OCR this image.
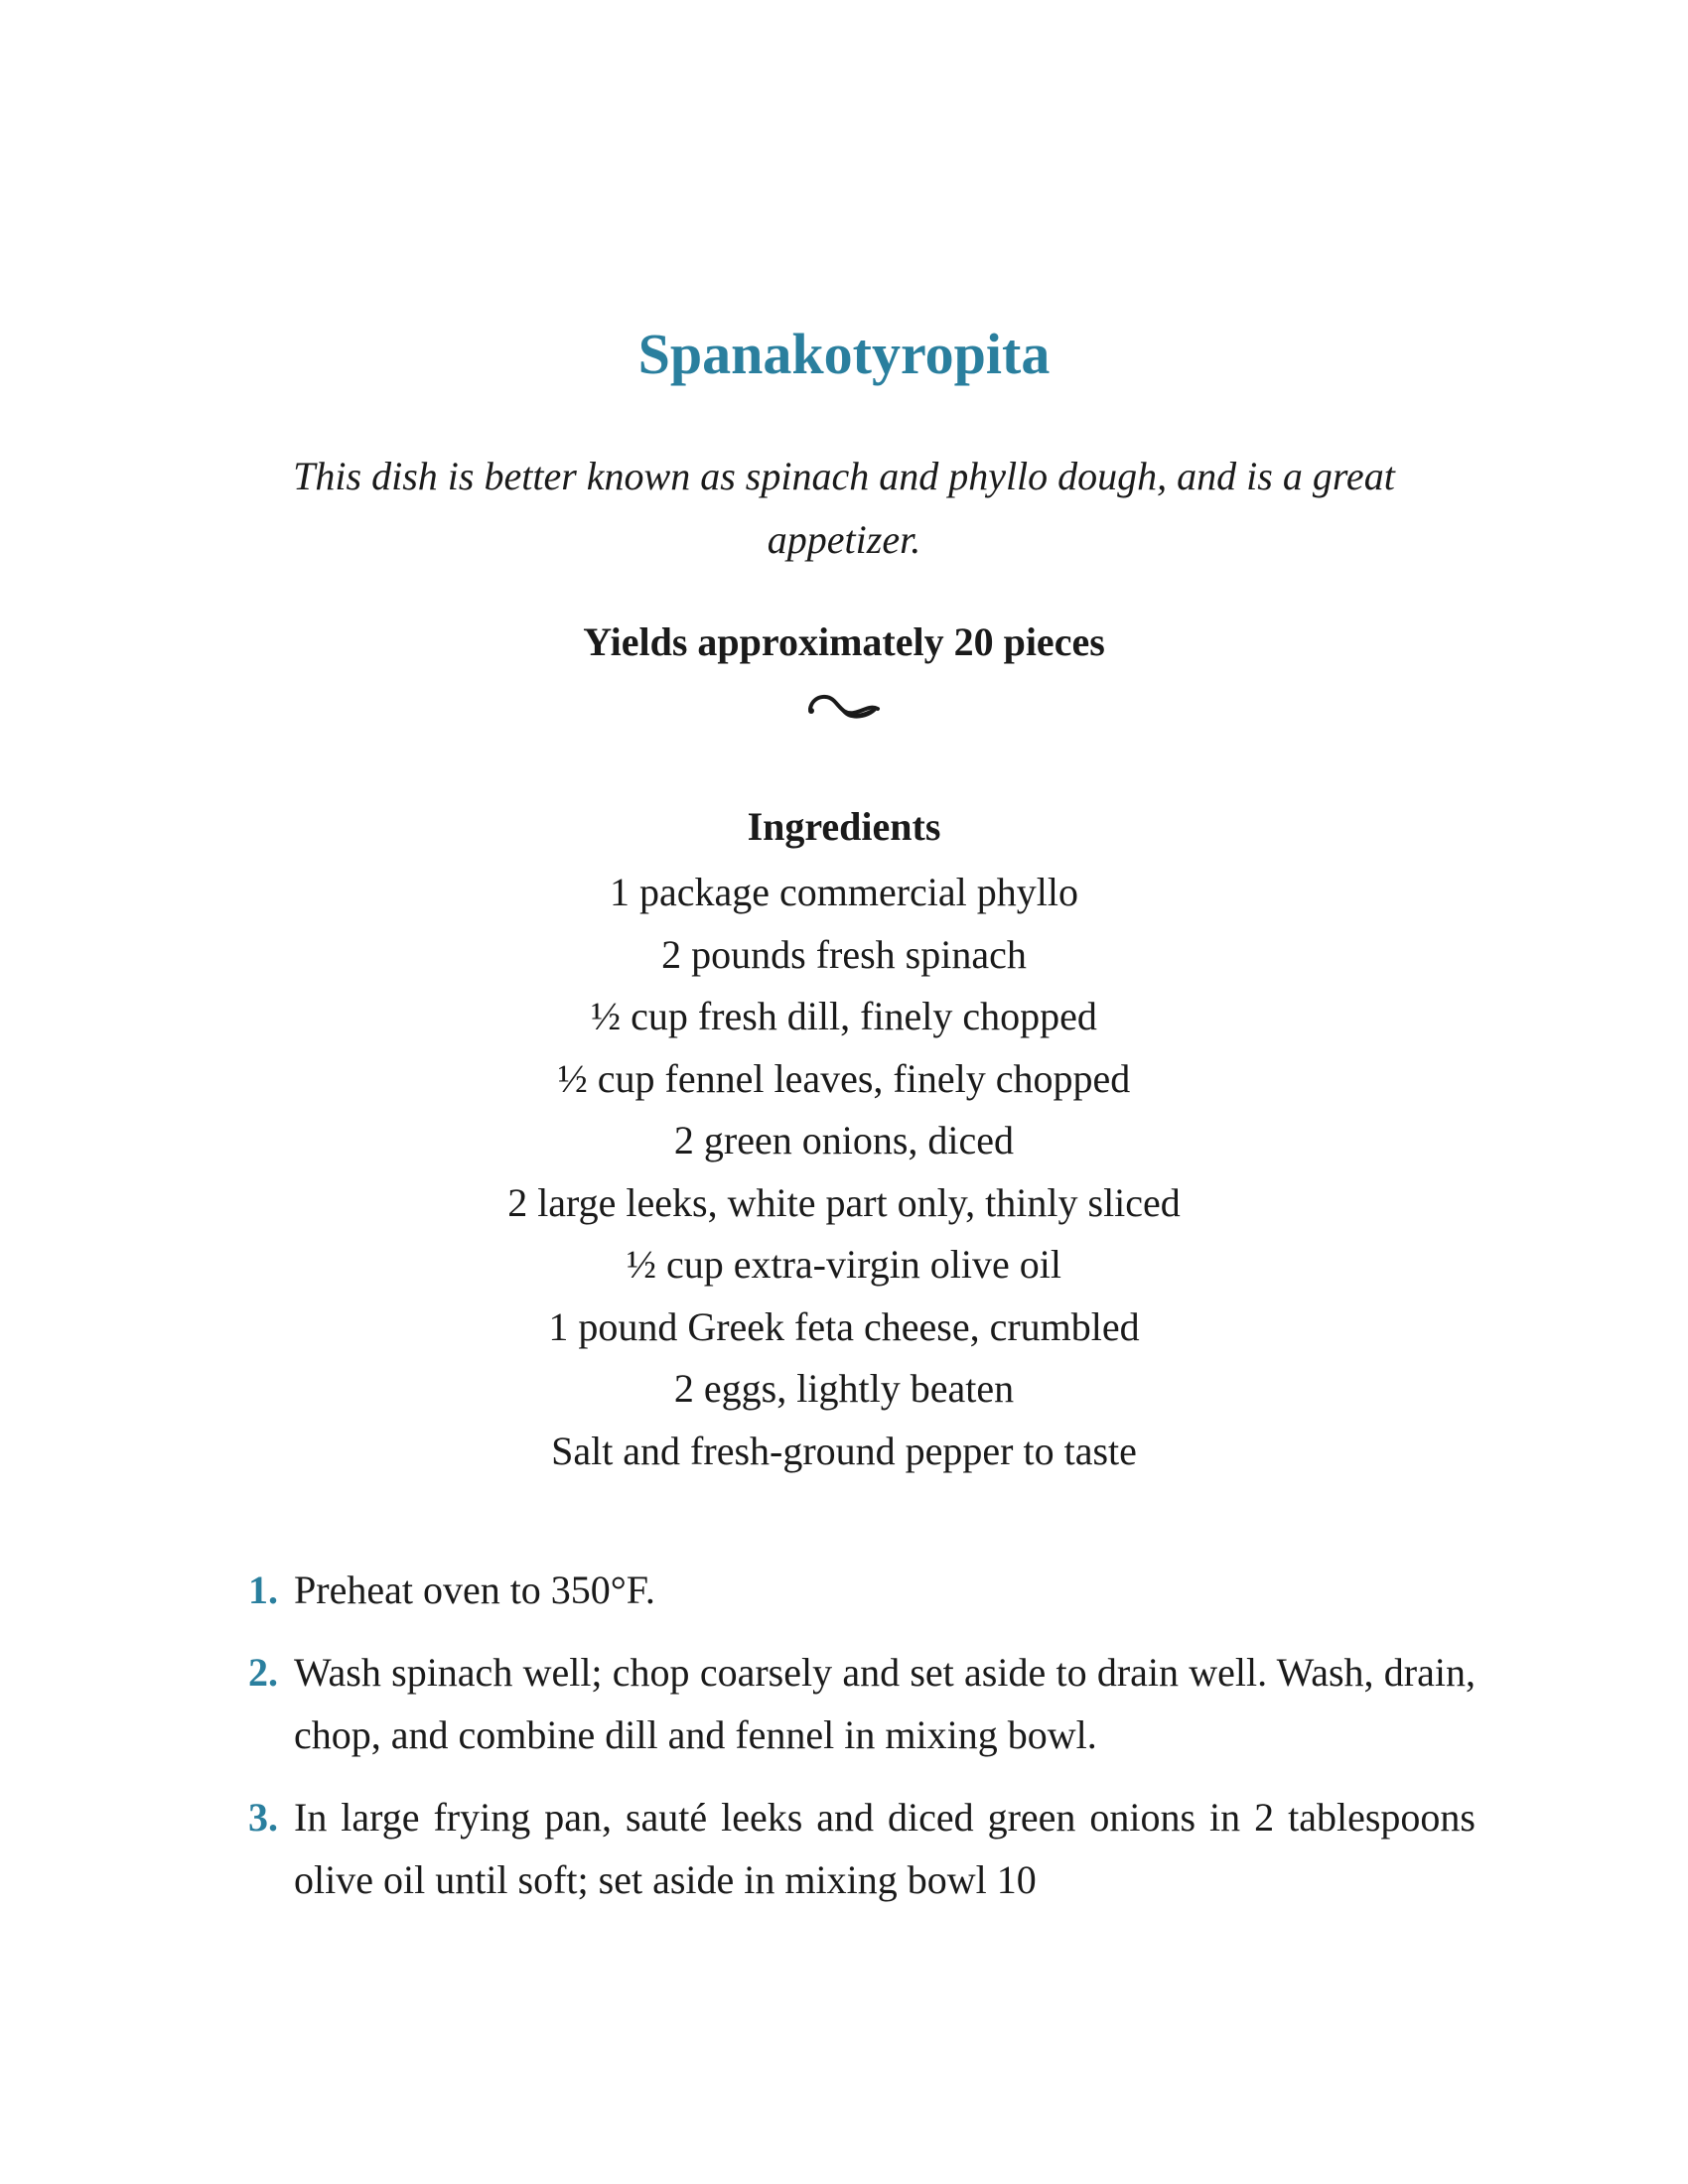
Spanakotyropita

This dish is better known as spinach and phyllo dough, and is a great appetizer.

Yields approximately 20 pieces
Ingredients
1 package commercial phyllo
2 pounds fresh spinach
½ cup fresh dill, finely chopped
½ cup fennel leaves, finely chopped
2 green onions, diced
2 large leeks, white part only, thinly sliced
½ cup extra-virgin olive oil
1 pound Greek feta cheese, crumbled
2 eggs, lightly beaten
Salt and fresh-ground pepper to taste
1. Preheat oven to 350°F.
2. Wash spinach well; chop coarsely and set aside to drain well. Wash, drain, chop, and combine dill and fennel in mixing bowl.
3. In large frying pan, sauté leeks and diced green onions in 2 tablespoons olive oil until soft; set aside in mixing bowl 10
